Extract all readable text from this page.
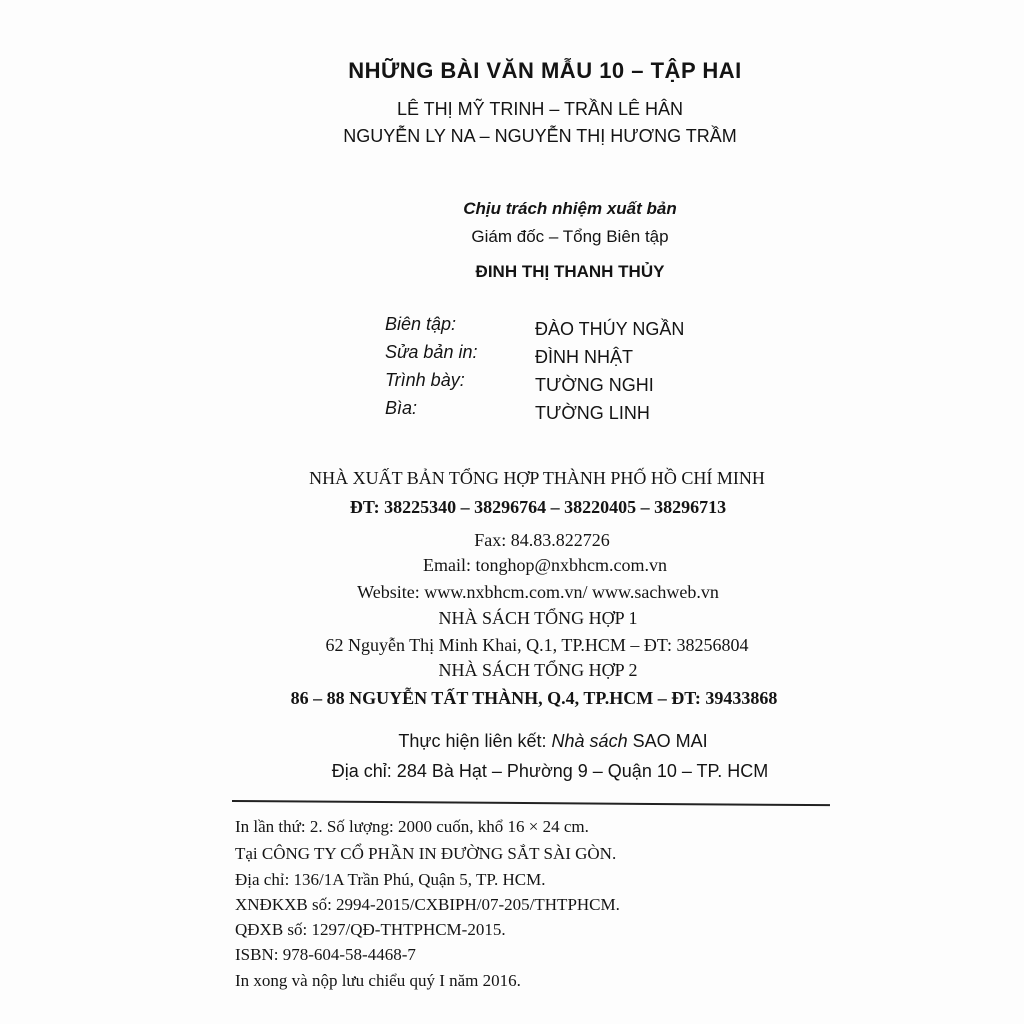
NHỮNG BÀI VĂN MẪU 10 – TẬP HAI
LÊ THỊ MỸ TRINH – TRẦN LÊ HÂN
NGUYỄN LY NA – NGUYỄN THỊ HƯƠNG TRẦM
Chịu trách nhiệm xuất bản
Giám đốc – Tổng Biên tập
ĐINH THỊ THANH THỦY
Biên tập:	ĐÀO THÚY NGẦN
Sửa bản in:	ĐÌNH NHẬT
Trình bày:	TƯỜNG NGHI
Bìa:	TƯỜNG LINH
NHÀ XUẤT BẢN TỔNG HỢP THÀNH PHỐ HỒ CHÍ MINH
ĐT: 38225340 – 38296764 – 38220405 – 38296713
Fax: 84.83.822726
Email: tonghop@nxbhcm.com.vn
Website: www.nxbhcm.com.vn/ www.sachweb.vn
NHÀ SÁCH TỔNG HỢP 1
62 Nguyễn Thị Minh Khai, Q.1, TP.HCM – ĐT: 38256804
NHÀ SÁCH TỔNG HỢP 2
86 – 88 NGUYỄN TẤT THÀNH, Q.4, TP.HCM – ĐT: 39433868
Thực hiện liên kết: Nhà sách SAO MAI
Địa chỉ: 284 Bà Hạt – Phường 9 – Quận 10 – TP. HCM
In lần thứ: 2. Số lượng: 2000 cuốn, khổ 16 × 24 cm.
Tại CÔNG TY CỔ PHẦN IN ĐƯỜNG SẮT SÀI GÒN.
Địa chỉ: 136/1A Trần Phú, Quận 5, TP. HCM.
XNĐKXB số: 2994-2015/CXBIPH/07-205/THTPHCM.
QĐXB số: 1297/QĐ-THTPHCM-2015.
ISBN: 978-604-58-4468-7
In xong và nộp lưu chiểu quý I năm 2016.
